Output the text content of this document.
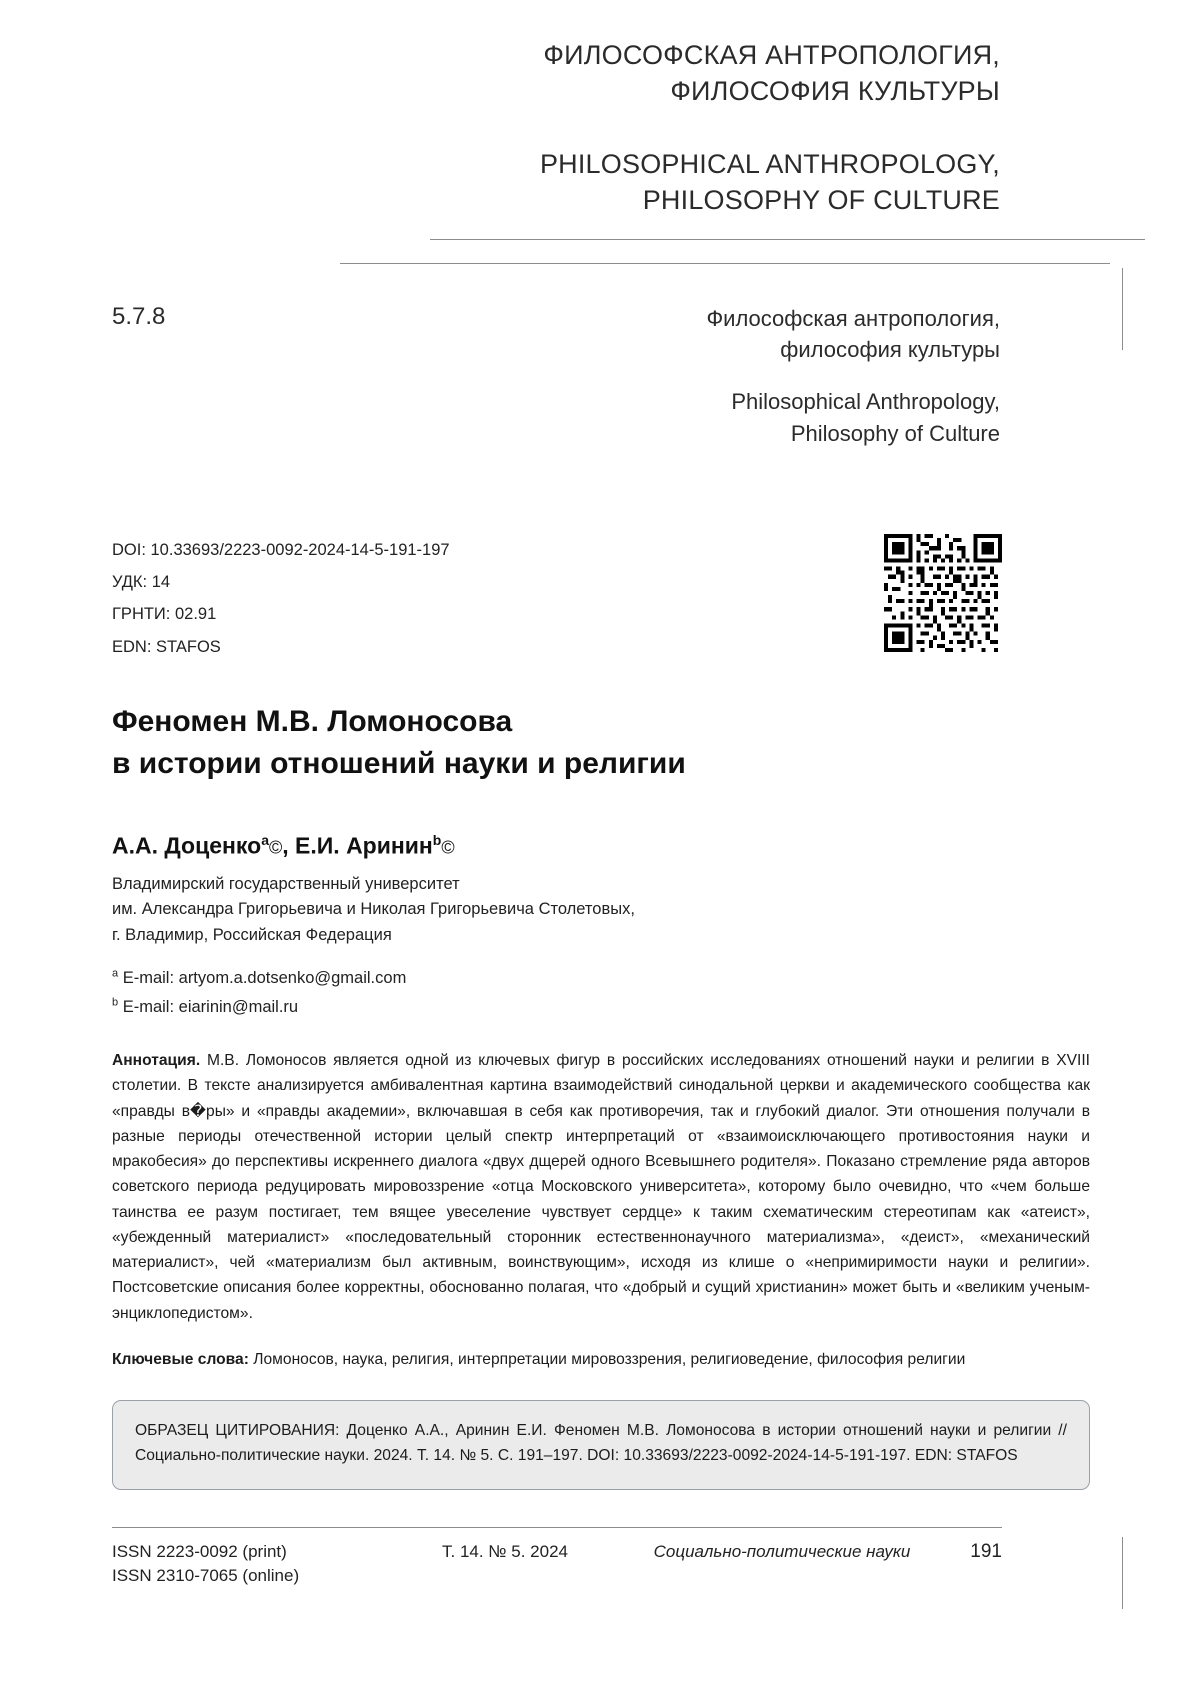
ФИЛОСОФСКАЯ АНТРОПОЛОГИЯ,
ФИЛОСОФИЯ КУЛЬТУРЫ
PHILOSOPHICAL ANTHROPOLOGY,
PHILOSOPHY OF CULTURE
5.7.8	Философская антропология,
философия культуры
Philosophical Anthropology,
Philosophy of Culture
DOI: 10.33693/2223-0092-2024-14-5-191-197
УДК: 14
ГРНТИ: 02.91
EDN: STAFOS
Феномен М.В. Ломоносова
в истории отношений науки и религии
А.А. Доценко$^a$©, Е.И. Аринин$^b$©
Владимирский государственный университет
им. Александра Григорьевича и Николая Григорьевича Столетовых,
г. Владимир, Российская Федерация
$^a$ E-mail: artyom.a.dotsenko@gmail.com
$^b$ E-mail: eiarinin@mail.ru
Аннотация. М.В. Ломоносов является одной из ключевых фигур в российских исследованиях отношений науки и религии в XVIII столетии. В тексте анализируется амбивалентная картина взаимодействий синодальной церкви и академического сообщества как «правды в�ры» и «правды академии», включавшая в себя как противоречия, так и глубокий диалог. Эти отношения получали в разные периоды отечественной истории целый спектр интерпретаций от «взаимоисключающего противостояния науки и мракобесия» до перспективы искреннего диалога «двух дщерей одного Всевышнего родителя». Показано стремление ряда авторов советского периода редуцировать мировоззрение «отца Московского университета», которому было очевидно, что «чем больше таинства ее разум постигает, тем вящее увеселение чувствует сердце» к таким схематическим стереотипам как «атеист», «убежденный материалист» «последовательный сторонник естественнонаучного материализма», «деист», «механический материалист», чей «материализм был активным, воинствующим», исходя из клише о «непримиримости науки и религии». Постсоветские описания более корректны, обоснованно полагая, что «добрый и сущий христианин» может быть и «великим ученым-энциклопедистом».
Ключевые слова: Ломоносов, наука, религия, интерпретации мировоззрения, религиоведение, философия религии
ОБРАЗЕЦ ЦИТИРОВАНИЯ: Доценко А.А., Аринин Е.И. Феномен М.В. Ломоносова в истории отношений науки и религии // Социально-политические науки. 2024. Т. 14. № 5. С. 191–197. DOI: 10.33693/2223-0092-2024-14-5-191-197. EDN: STAFOS
ISSN 2223-0092 (print)
ISSN 2310-7065 (online)
Т. 14. № 5. 2024	Социально-политические науки	191
